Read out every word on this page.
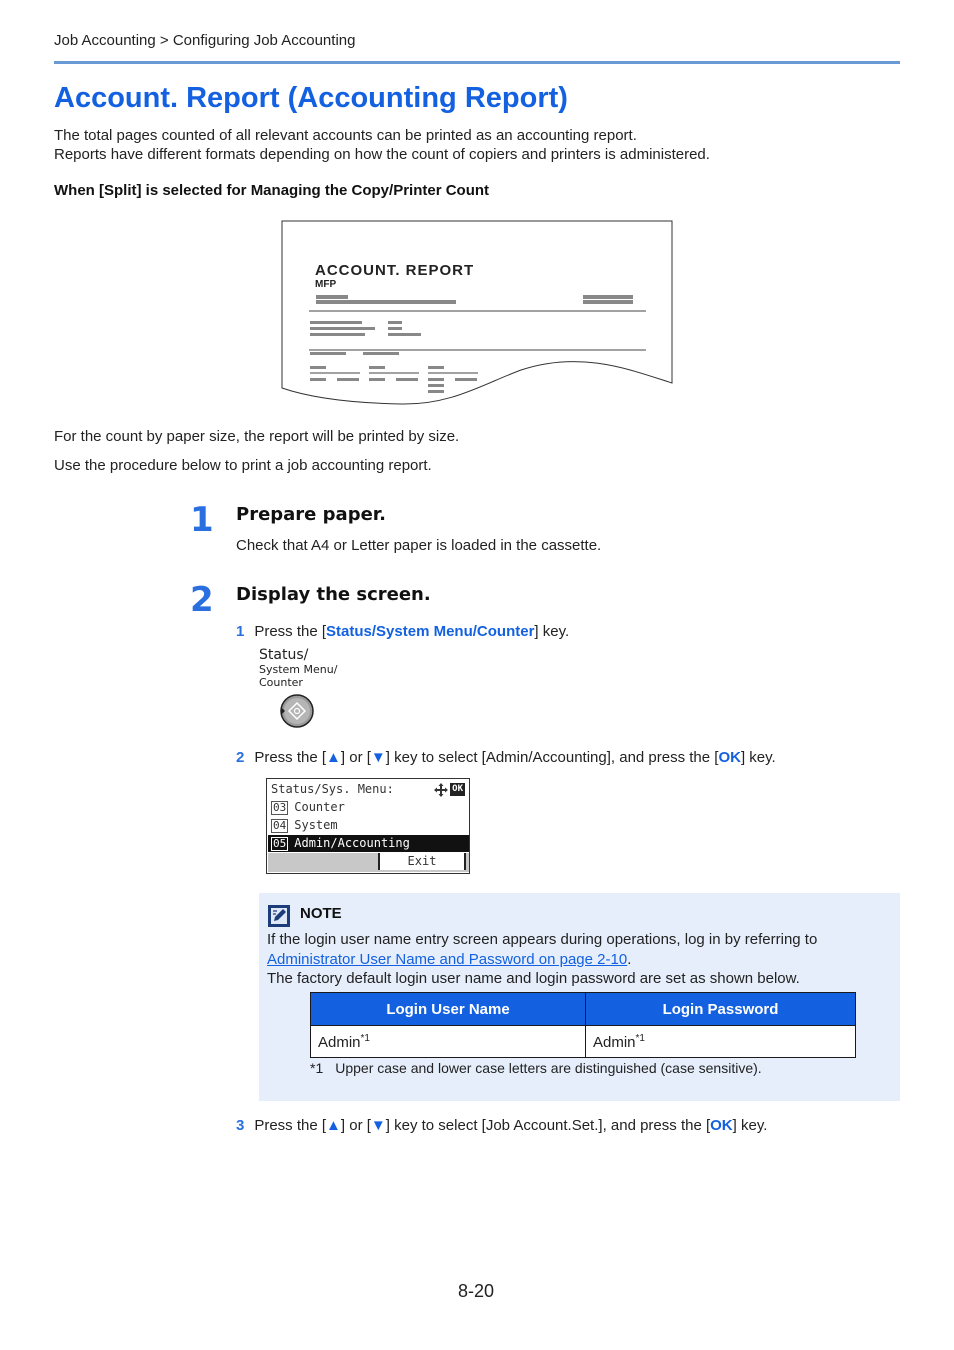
Job Accounting > Configuring Job Accounting
Account. Report (Accounting Report)

The total pages counted of all relevant accounts can be printed as an accounting report.

Reports have different formats depending on how the count of copiers and printers is administered.

When [Split] is selected for Managing the Copy/Printer Count
ACCOUNT. REPORT
MFP
For the count by paper size, the report will be printed by size.
Use the procedure below to print a job accounting report.
1 Prepare paper.
Check that A4 or Letter paper is loaded in the cassette.
2 Display the screen.
1 Press the [Status/System Menu/Counter] key.
Status/
System Menu/
Counter
2 Press the [▲] or [▼] key to select [Admin/Accounting], and press the [OK] key.
Status/Sys. Menu:	OK
03 Counter
04 System
05 Admin/Accounting
Exit
NOTE

If the login user name entry screen appears during operations, log in by referring to

Administrator User Name and Password on page 2-10.

The factory default login user name and login password are set as shown below.

Login User Name	Login Password
Admin$^{*1}$	Admin$^{*1}$
*1 Upper case and lower case letters are distinguished (case sensitive).
3 Press the [▲] or [▼] key to select [Job Account.Set.], and press the [OK] key.
8-20
